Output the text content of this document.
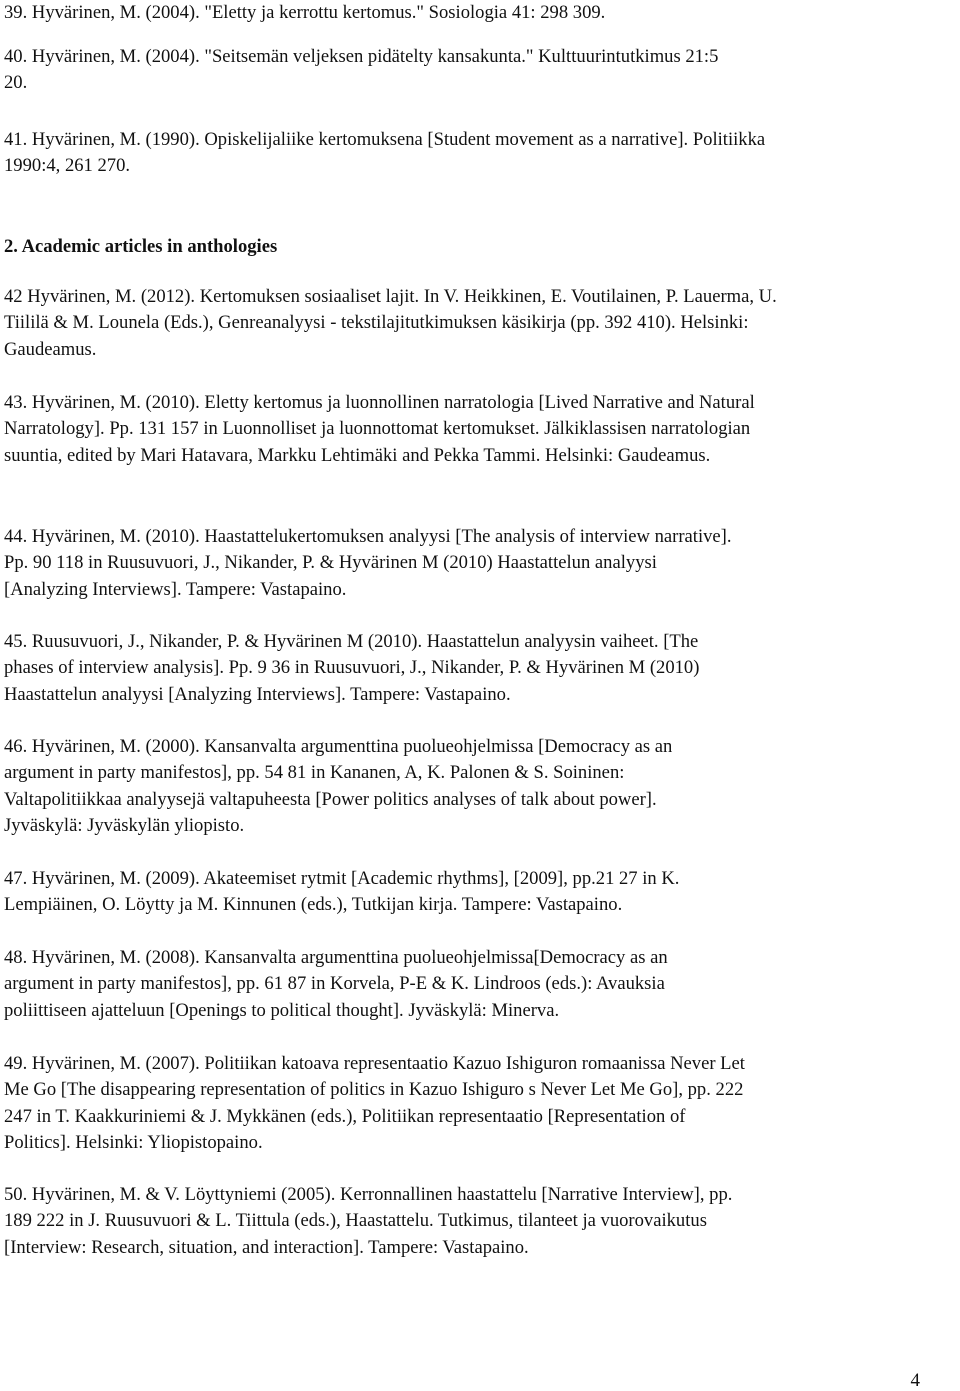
39. Hyvärinen, M. (2004). "Eletty ja kerrottu kertomus." Sosiologia 41: 298 309.

40. Hyvärinen, M. (2004). "Seitsemän veljeksen pidätelty kansakunta." Kulttuurintutkimus 21:5
20.

41. Hyvärinen, M. (1990). Opiskelijaliike kertomuksena [Student movement as a narrative]. Politiikka
1990:4, 261 270.

2. Academic articles in anthologies

42 Hyvärinen, M. (2012). Kertomuksen sosiaaliset lajit. In V. Heikkinen, E. Voutilainen, P. Lauerma, U.
Tiililä & M. Lounela (Eds.), Genreanalyysi - tekstilajitutkimuksen käsikirja (pp. 392 410). Helsinki:
Gaudeamus.

43. Hyvärinen, M. (2010). Eletty kertomus ja luonnollinen narratologia [Lived Narrative and Natural
Narratology]. Pp. 131 157 in Luonnolliset ja luonnottomat kertomukset. Jälkiklassisen narratologian
suuntia, edited by Mari Hatavara, Markku Lehtimäki and Pekka Tammi. Helsinki: Gaudeamus.

44. Hyvärinen, M. (2010). Haastattelukertomuksen analyysi [The analysis of interview narrative].
Pp. 90 118 in Ruusuvuori, J., Nikander, P. & Hyvärinen M (2010) Haastattelun analyysi
[Analyzing Interviews]. Tampere: Vastapaino.

45. Ruusuvuori, J., Nikander, P. & Hyvärinen M (2010). Haastattelun analyysin vaiheet. [The
phases of interview analysis]. Pp. 9 36 in Ruusuvuori, J., Nikander, P. & Hyvärinen M (2010)
Haastattelun analyysi [Analyzing Interviews]. Tampere: Vastapaino.

46. Hyvärinen, M. (2000). Kansanvalta argumenttina puolueohjelmissa [Democracy as an
argument in party manifestos], pp. 54 81 in Kananen, A, K. Palonen & S. Soininen:
Valtapolitiikkaa analyysejä valtapuheesta [Power politics analyses of talk about power].
Jyväskylä: Jyväskylän yliopisto.

47. Hyvärinen, M. (2009). Akateemiset rytmit [Academic rhythms], [2009], pp.21 27 in K.
Lempiäinen, O. Löytty ja M. Kinnunen (eds.), Tutkijan kirja. Tampere: Vastapaino.

48. Hyvärinen, M. (2008). Kansanvalta argumenttina puolueohjelmissa[Democracy as an
argument in party manifestos], pp. 61 87 in Korvela, P-E & K. Lindroos (eds.): Avauksia
poliittiseen ajatteluun [Openings to political thought]. Jyväskylä: Minerva.

49. Hyvärinen, M. (2007). Politiikan katoava representaatio Kazuo Ishiguron romaanissa Never Let
Me Go [The disappearing representation of politics in Kazuo Ishiguro s Never Let Me Go], pp. 222
247 in T. Kaakkuriniemi & J. Mykkänen (eds.), Politiikan representaatio [Representation of
Politics]. Helsinki: Yliopistopaino.

50. Hyvärinen, M. & V. Löyttyniemi (2005). Kerronnallinen haastattelu [Narrative Interview], pp.
189 222 in J. Ruusuvuori & L. Tiittula (eds.), Haastattelu. Tutkimus, tilanteet ja vuorovaikutus
[Interview: Research, situation, and interaction]. Tampere: Vastapaino.

4
